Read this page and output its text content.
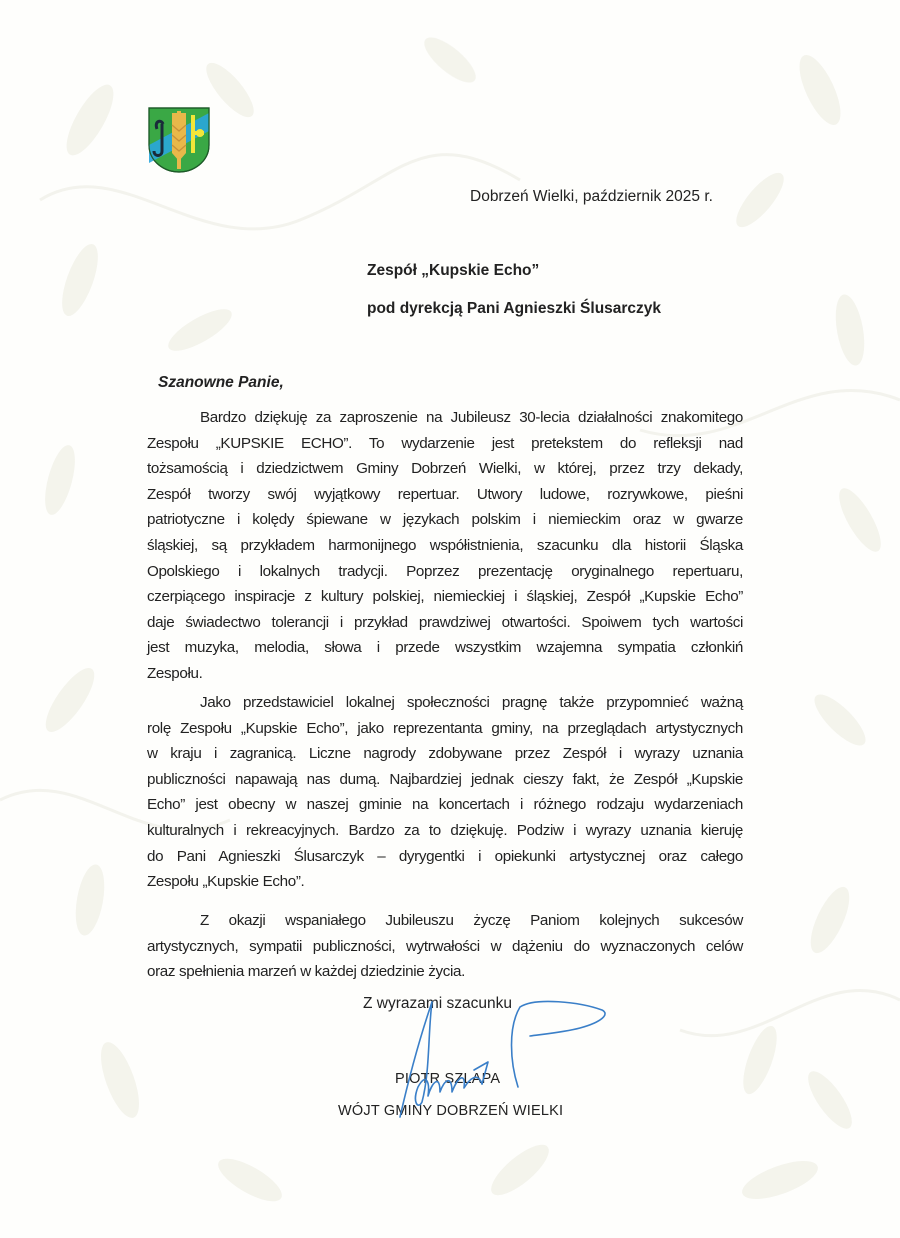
Dobrzeń Wielki, październik 2025 r.
Zespół „Kupskie Echo”
pod dyrekcją Pani Agnieszki Ślusarczyk
Szanowne Panie,
Bardzo dziękuję za zaproszenie na Jubileusz 30-lecia działalności znakomitego
Zespołu „KUPSKIE ECHO”. To wydarzenie jest pretekstem do refleksji nad
tożsamością i dziedzictwem Gminy Dobrzeń Wielki, w której, przez trzy dekady,
Zespół tworzy swój wyjątkowy repertuar. Utwory ludowe, rozrywkowe, pieśni
patriotyczne i kolędy śpiewane w językach polskim i niemieckim oraz w gwarze
śląskiej, są przykładem harmonijnego współistnienia, szacunku dla historii Śląska
Opolskiego i lokalnych tradycji. Poprzez prezentację oryginalnego repertuaru,
czerpiącego inspiracje z kultury polskiej, niemieckiej i śląskiej, Zespół „Kupskie Echo”
daje świadectwo tolerancji i przykład prawdziwej otwartości. Spoiwem tych wartości
jest muzyka, melodia, słowa i przede wszystkim wzajemna sympatia członkiń
Zespołu.
Jako przedstawiciel lokalnej społeczności pragnę także przypomnieć ważną
rolę Zespołu „Kupskie Echo”, jako reprezentanta gminy, na przeglądach artystycznych
w kraju i zagranicą. Liczne nagrody zdobywane przez Zespół i wyrazy uznania
publiczności napawają nas dumą. Najbardziej jednak cieszy fakt, że Zespół „Kupskie
Echo” jest obecny w naszej gminie na koncertach i różnego rodzaju wydarzeniach
kulturalnych i rekreacyjnych. Bardzo za to dziękuję. Podziw i wyrazy uznania kieruję
do Pani Agnieszki Ślusarczyk – dyrygentki i opiekunki artystycznej oraz całego
Zespołu „Kupskie Echo”.
Z okazji wspaniałego Jubileuszu życzę Paniom kolejnych sukcesów
artystycznych, sympatii publiczności, wytrwałości w dążeniu do wyznaczonych celów
oraz spełnienia marzeń w każdej dziedzinie życia.
Z wyrazami szacunku
PIOTR SZLAPA
WÓJT GMINY DOBRZEŃ WIELKI
